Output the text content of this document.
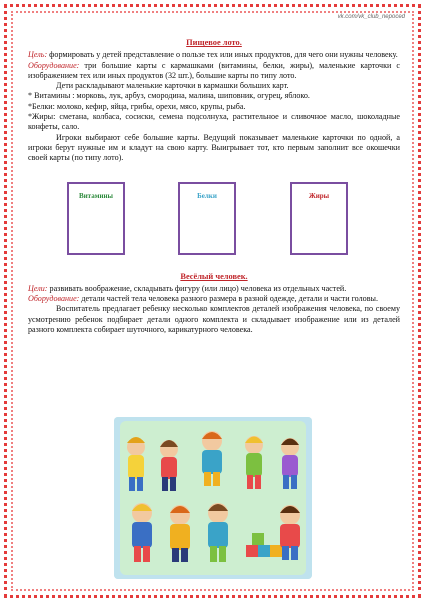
vk.com/vk_club_nepoced
Пищевое лото.

Цель: формировать у детей представление о пользе тех или иных продуктов, для чего они нужны человеку.

Оборудование: три большие карты с кармашками (витамины, белки, жиры), маленькие карточки с изображением тех или иных продуктов (32 шт.), большие карты по типу лото.

Дети раскладывают маленькие карточки в кармашки больших карт.

* Витамины : морковь, лук, арбуз, смородина, малина, шиповник, огурец, яблоко.

*Белки: молоко, кефир, яйца, грибы, орехи, мясо, крупы, рыба.

*Жиры: сметана, колбаса, сосиски, семена подсолнуха, растительное и сливочное масло, шоколадные конфеты, сало.

Игроки выбирают себе большие карты. Ведущий показывает маленькие карточки по одной, а игроки берут нужные им и кладут на свою карту. Выигрывает тот, кто первым заполнит все окошечки своей карты (по типу лото).

Витамины	Белки	Жиры
Весёлый человек.

Цели: развивать воображение, складывать фигуру (или лицо) человека из отдельных частей.

Оборудование: детали частей тела человека разного размера в разной одежде, детали и части головы.

Воспитатель предлагает ребенку несколько комплектов деталей изображения человека, по своему усмотрению ребенок подбирает детали одного комплекта и складывает изображение или из деталей разного комплекта собирает шуточного, карикатурного человека.
